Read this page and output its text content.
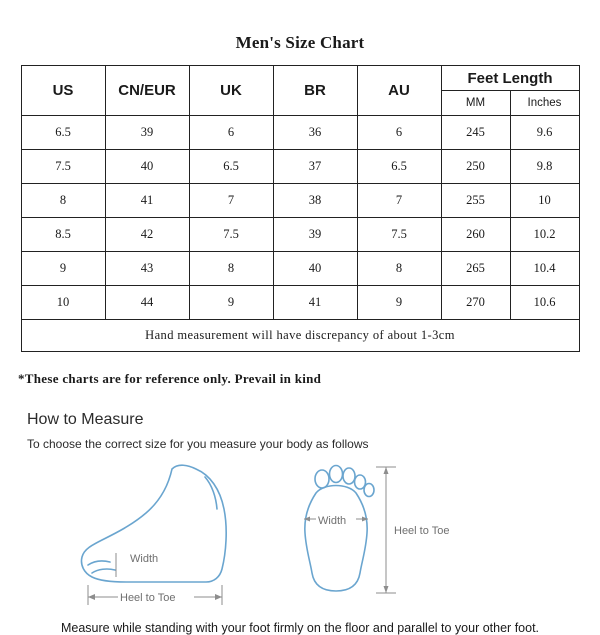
Men's Size Chart
US	CN/EUR	UK	BR	AU	Feet Length	
					MM	Inches
6.5	39	6	36	6	245	9.6
7.5	40	6.5	37	6.5	250	9.8
8	41	7	38	7	255	10
8.5	42	7.5	39	7.5	260	10.2
9	43	8	40	8	265	10.4
10	44	9	41	9	270	10.6
Hand measurement will have discrepancy of about 1-3cm						
*These charts are for reference only. Prevail in kind
How to Measure
To choose the correct size for you measure your body as follows
Width
Heel to Toe
Width
Heel to Toe
Measure while standing with your foot firmly on the floor and parallel to your other foot.
